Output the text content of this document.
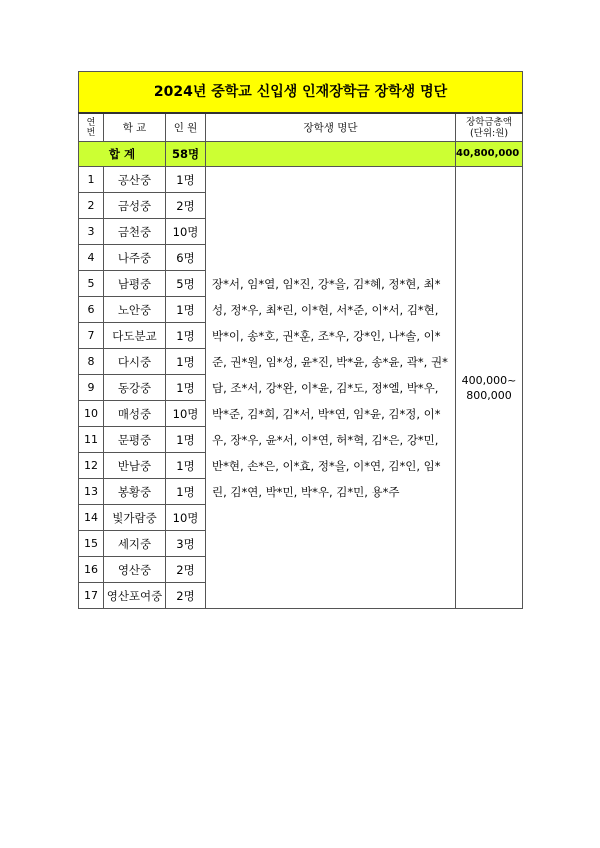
2024년 중학교 신입생 인재장학금 장학생 명단				
연번	학 교	인 원	장학생 명단	장학금총액
(단위:원)
합 계		58명		40,800,000
1	공산중	1명	장*서, 임*열, 임*진, 강*을, 김*혜, 정*현, 최*성, 정*우, 최*린, 이*현, 서*준, 이*서, 김*현, 박*이, 송*호, 권*훈, 조*우, 강*인, 나*솔, 이*준, 권*원, 임*성, 윤*진, 박*윤, 송*윤, 곽*, 권*담, 조*서, 강*완, 이*윤, 김*도, 정*엘, 박*우, 박*준, 김*희, 김*서, 박*연, 임*윤, 김*정, 이*우, 장*우, 윤*서, 이*연, 허*혁, 김*은, 강*민, 반*현, 손*은, 이*효, 정*을, 이*연, 김*인, 임*린, 김*연, 박*민, 박*우, 김*민, 용*주	400,000~
800,000
2	금성중	2명		
3	금천중	10명		
4	나주중	6명		
5	남평중	5명		
6	노안중	1명		
7	다도분교	1명		
8	다시중	1명		
9	동강중	1명		
10	매성중	10명		
11	문평중	1명		
12	반남중	1명		
13	봉황중	1명		
14	빛가람중	10명		
15	세지중	3명		
16	영산중	2명		
17	영산포여중	2명		
